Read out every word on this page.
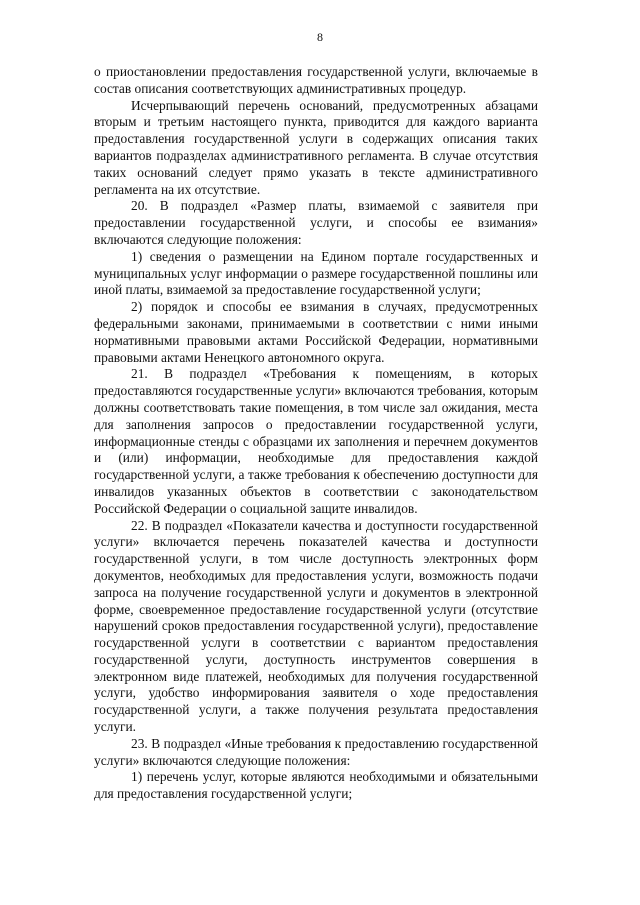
8

о приостановлении предоставления государственной услуги, включаемые в состав описания соответствующих административных процедур.

Исчерпывающий перечень оснований, предусмотренных абзацами вторым и третьим настоящего пункта, приводится для каждого варианта предоставления государственной услуги в содержащих описания таких вариантов подразделах административного регламента. В случае отсутствия таких оснований следует прямо указать в тексте административного регламента на их отсутствие.

20. В подраздел «Размер платы, взимаемой с заявителя при предоставлении государственной услуги, и способы ее взимания» включаются следующие положения:

1) сведения о размещении на Едином портале государственных и муниципальных услуг информации о размере государственной пошлины или иной платы, взимаемой за предоставление государственной услуги;

2) порядок и способы ее взимания в случаях, предусмотренных федеральными законами, принимаемыми в соответствии с ними иными нормативными правовыми актами Российской Федерации, нормативными правовыми актами Ненецкого автономного округа.

21. В подраздел «Требования к помещениям, в которых предоставляются государственные услуги» включаются требования, которым должны соответствовать такие помещения, в том числе зал ожидания, места для заполнения запросов о предоставлении государственной услуги, информационные стенды с образцами их заполнения и перечнем документов и (или) информации, необходимые для предоставления каждой государственной услуги, а также требования к обеспечению доступности для инвалидов указанных объектов в соответствии с законодательством Российской Федерации о социальной защите инвалидов.

22. В подраздел «Показатели качества и доступности государственной услуги» включается перечень показателей качества и доступности государственной услуги, в том числе доступность электронных форм документов, необходимых для предоставления услуги, возможность подачи запроса на получение государственной услуги и документов в электронной форме, своевременное предоставление государственной услуги (отсутствие нарушений сроков предоставления государственной услуги), предоставление государственной услуги в соответствии с вариантом предоставления государственной услуги, доступность инструментов совершения в электронном виде платежей, необходимых для получения государственной услуги, удобство информирования заявителя о ходе предоставления государственной услуги, а также получения результата предоставления услуги.

23. В подраздел «Иные требования к предоставлению государственной услуги» включаются следующие положения:

1) перечень услуг, которые являются необходимыми и обязательными для предоставления государственной услуги;
